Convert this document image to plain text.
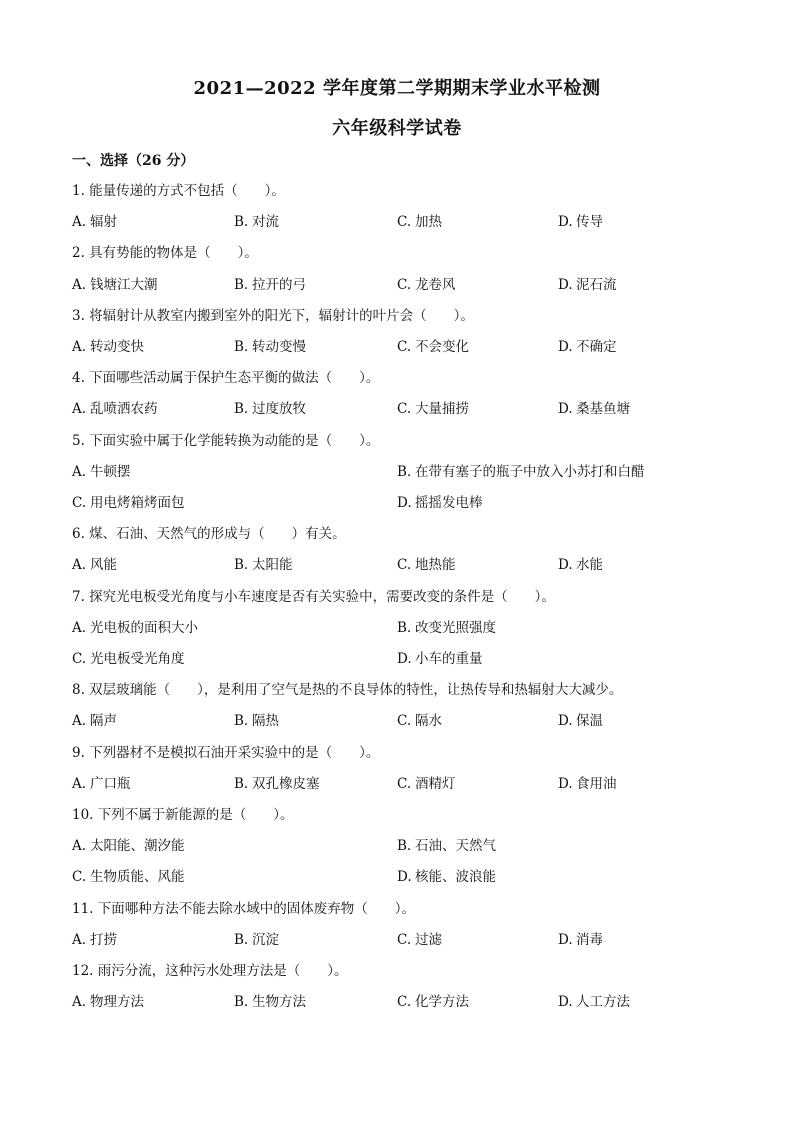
2021—2022 学年度第二学期期末学业水平检测
六年级科学试卷
一、选择（26 分）
1. 能量传递的方式不包括（　　）。
A. 辐射	B. 对流	C. 加热	D. 传导
2. 具有势能的物体是（　　）。
A. 钱塘江大潮	B. 拉开的弓	C. 龙卷风	D. 泥石流
3. 将辐射计从教室内搬到室外的阳光下，辐射计的叶片会（　　）。
A. 转动变快	B. 转动变慢	C. 不会变化	D. 不确定
4. 下面哪些活动属于保护生态平衡的做法（　　）。
A. 乱喷洒农药	B. 过度放牧	C. 大量捕捞	D. 桑基鱼塘
5. 下面实验中属于化学能转换为动能的是（　　）。
A. 牛顿摆	B. 在带有塞子的瓶子中放入小苏打和白醋
C. 用电烤箱烤面包	D. 摇摇发电棒
6. 煤、石油、天然气的形成与（　　）有关。
A. 风能	B. 太阳能	C. 地热能	D. 水能
7. 探究光电板受光角度与小车速度是否有关实验中，需要改变的条件是（　　）。
A. 光电板的面积大小	B. 改变光照强度
C. 光电板受光角度	D. 小车的重量
8. 双层玻璃能（　　），是利用了空气是热的不良导体的特性，让热传导和热辐射大大减少。
A. 隔声	B. 隔热	C. 隔水	D. 保温
9. 下列器材不是模拟石油开采实验中的是（　　）。
A. 广口瓶	B. 双孔橡皮塞	C. 酒精灯	D. 食用油
10. 下列不属于新能源的是（　　）。
A. 太阳能、潮汐能	B. 石油、天然气
C. 生物质能、风能	D. 核能、波浪能
11. 下面哪种方法不能去除水域中的固体废弃物（　　）。
A. 打捞	B. 沉淀	C. 过滤	D. 消毒
12. 雨污分流，这种污水处理方法是（　　）。
A. 物理方法	B. 生物方法	C. 化学方法	D. 人工方法
